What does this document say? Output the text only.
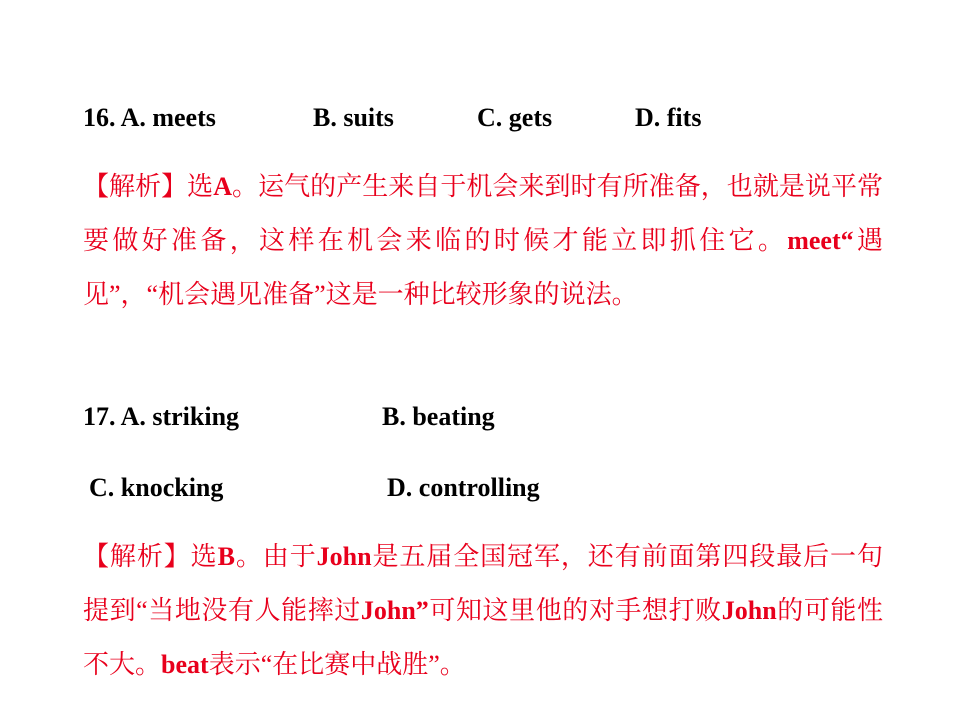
16. A. meets	B. suits	C. gets	D. fits
【解析】选A。运气的产生来自于机会来到时有所准备，也就是说平常要做好准备，这样在机会来临的时候才能立即抓住它。meet“遇见”，“机会遇见准备”这是一种比较形象的说法。
17. A. striking	B. beating
C. knocking	D. controlling
【解析】选B。由于John是五届全国冠军，还有前面第四段最后一句提到“当地没有人能摔过John”可知这里他的对手想打败John的可能性不大。beat表示“在比赛中战胜”。
